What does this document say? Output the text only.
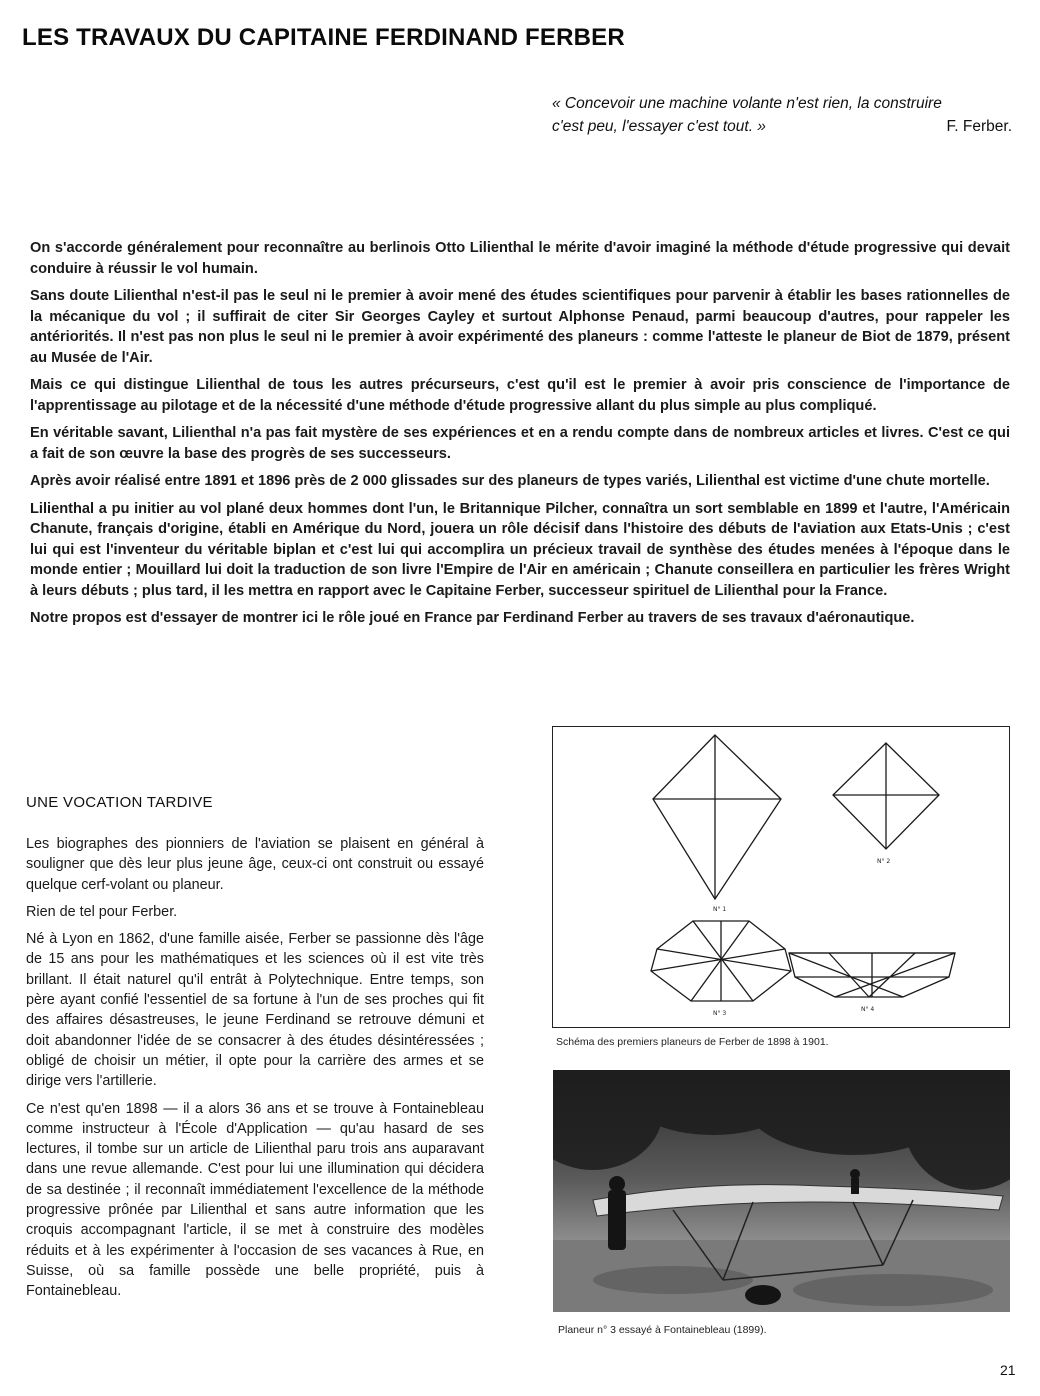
LES TRAVAUX DU CAPITAINE FERDINAND FERBER
« Concevoir une machine volante n'est rien, la construire
c'est peu, l'essayer c'est tout. »	F. Ferber.

On s'accorde généralement pour reconnaître au berlinois Otto Lilienthal le mérite d'avoir imaginé la méthode d'étude progressive qui devait conduire à réussir le vol humain.

Sans doute Lilienthal n'est-il pas le seul ni le premier à avoir mené des études scientifiques pour parvenir à établir les bases rationnelles de la mécanique du vol ; il suffirait de citer Sir Georges Cayley et surtout Alphonse Penaud, parmi beaucoup d'autres, pour rappeler les antériorités. Il n'est pas non plus le seul ni le premier à avoir expérimenté des planeurs : comme l'atteste le planeur de Biot de 1879, présent au Musée de l'Air.

Mais ce qui distingue Lilienthal de tous les autres précurseurs, c'est qu'il est le premier à avoir pris conscience de l'importance de l'apprentissage au pilotage et de la nécessité d'une méthode d'étude progressive allant du plus simple au plus compliqué.

En véritable savant, Lilienthal n'a pas fait mystère de ses expériences et en a rendu compte dans de nombreux articles et livres. C'est ce qui a fait de son œuvre la base des progrès de ses successeurs.

Après avoir réalisé entre 1891 et 1896 près de 2 000 glissades sur des planeurs de types variés, Lilienthal est victime d'une chute mortelle.

Lilienthal a pu initier au vol plané deux hommes dont l'un, le Britannique Pilcher, connaîtra un sort semblable en 1899 et l'autre, l'Américain Chanute, français d'origine, établi en Amérique du Nord, jouera un rôle décisif dans l'histoire des débuts de l'aviation aux Etats-Unis ; c'est lui qui est l'inventeur du véritable biplan et c'est lui qui accomplira un précieux travail de synthèse des études menées à l'époque dans le monde entier ; Mouillard lui doit la traduction de son livre l'Empire de l'Air en américain ; Chanute conseillera en particulier les frères Wright à leurs débuts ; plus tard, il les mettra en rapport avec le Capitaine Ferber, successeur spirituel de Lilienthal pour la France.

Notre propos est d'essayer de montrer ici le rôle joué en France par Ferdinand Ferber au travers de ses travaux d'aéronautique.

UNE VOCATION TARDIVE

Les biographes des pionniers de l'aviation se plaisent en général à souligner que dès leur plus jeune âge, ceux-ci ont construit ou essayé quelque cerf-volant ou planeur.

Rien de tel pour Ferber.

Né à Lyon en 1862, d'une famille aisée, Ferber se passionne dès l'âge de 15 ans pour les mathématiques et les sciences où il est vite très brillant. Il était naturel qu'il entrât à Polytechnique. Entre temps, son père ayant confié l'essentiel de sa fortune à l'un de ses proches qui fit des affaires désastreuses, le jeune Ferdinand se retrouve démuni et doit abandonner l'idée de se consacrer à des études désintéressées ; obligé de choisir un métier, il opte pour la carrière des armes et se dirige vers l'artillerie.

Ce n'est qu'en 1898 — il a alors 36 ans et se trouve à Fontainebleau comme instructeur à l'École d'Application — qu'au hasard de ses lectures, il tombe sur un article de Lilienthal paru trois ans auparavant dans une revue allemande. C'est pour lui une illumination qui décidera de sa destinée ; il reconnaît immédiatement l'excellence de la méthode progressive prônée par Lilienthal et sans autre information que les croquis accompagnant l'article, il se met à construire des modèles réduits et à les expérimenter à l'occasion de ses vacances à Rue, en Suisse, où sa famille possède une belle propriété, puis à Fontainebleau.

N° 1
N° 2
N° 3
N° 4

Schéma des premiers planeurs de Ferber de 1898 à 1901.

Planeur n° 3 essayé à Fontainebleau (1899).

21
